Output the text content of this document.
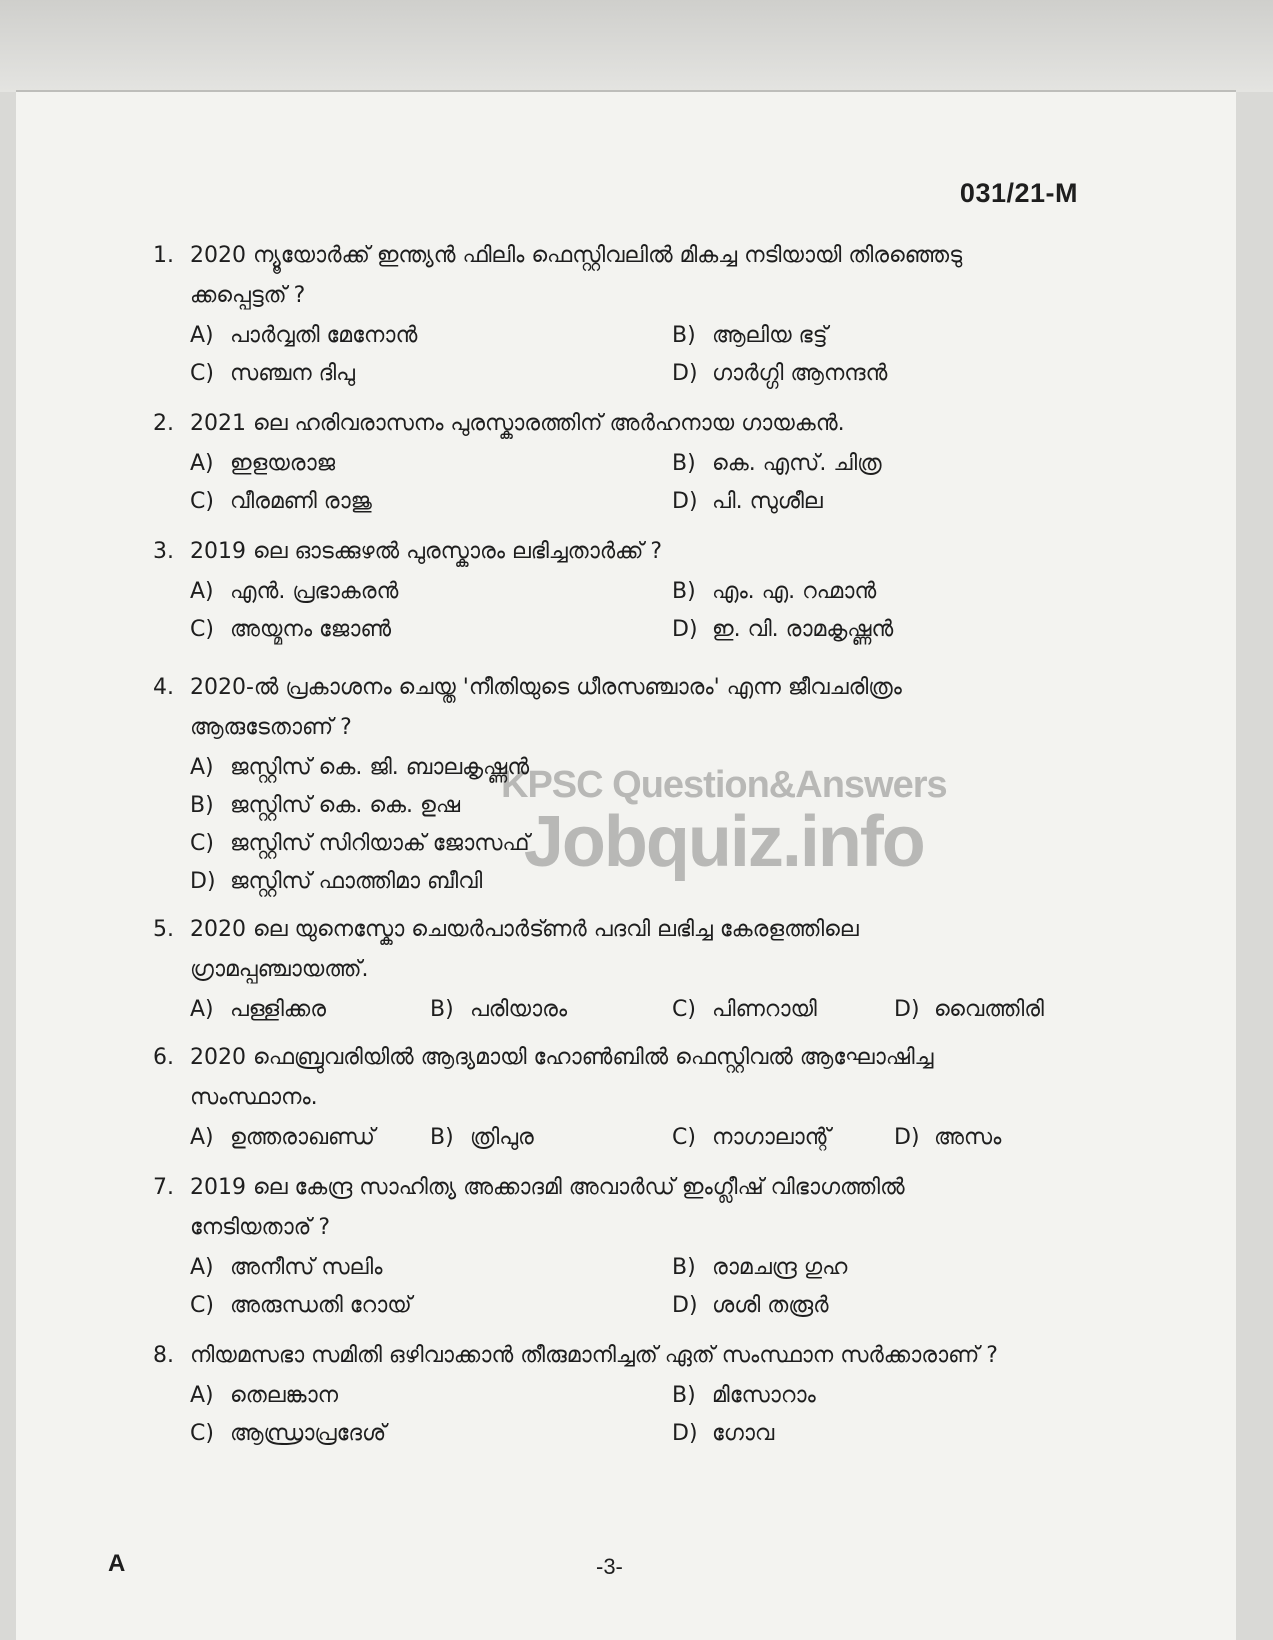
031/21-M
KPSC Question&Answers
Jobquiz.info
1. 2020 ന്യൂയോർക്ക് ഇന്ത്യൻ ഫിലിം ഫെസ്റ്റിവലിൽ മികച്ച നടിയായി തിരഞ്ഞെടു
ക്കപ്പെട്ടത് ?
A) പാർവ്വതി മേനോൻ	B) ആലിയ ഭട്ട്
C) സഞ്ചന ദിപു	D) ഗാർഗ്ഗി ആനന്ദൻ
2. 2021 ലെ ഹരിവരാസനം പുരസ്കാരത്തിന് അർഹനായ ഗായകൻ.
A) ഇളയരാജ	B) കെ. എസ്. ചിത്ര
C) വീരമണി രാജു	D) പി. സുശീല
3. 2019 ലെ ഓടക്കുഴൽ പുരസ്കാരം ലഭിച്ചതാർക്ക് ?
A) എൻ. പ്രഭാകരൻ	B) എം. എ. റഹ്മാൻ
C) അയ്മനം ജോൺ	D) ഇ. വി. രാമകൃഷ്ണൻ
4. 2020-ൽ പ്രകാശനം ചെയ്ത 'നീതിയുടെ ധീരസഞ്ചാരം' എന്ന ജീവചരിത്രം
ആരുടേതാണ് ?
A) ജസ്റ്റിസ് കെ. ജി. ബാലകൃഷ്ണൻ
B) ജസ്റ്റിസ് കെ. കെ. ഉഷ
C) ജസ്റ്റിസ് സിറിയാക് ജോസഫ്
D) ജസ്റ്റിസ് ഫാത്തിമാ ബീവി
5. 2020 ലെ യുനെസ്കോ ചെയർപാർട്ണർ പദവി ലഭിച്ച കേരളത്തിലെ
ഗ്രാമപ്പഞ്ചായത്ത്.
A) പള്ളിക്കര	B) പരിയാരം	C) പിണറായി	D) വൈത്തിരി
6. 2020 ഫെബ്രുവരിയിൽ ആദ്യമായി ഹോൺബിൽ ഫെസ്റ്റിവൽ ആഘോഷിച്ച
സംസ്ഥാനം.
A) ഉത്തരാഖണ്ഡ് B) ത്രിപുര	C) നാഗാലാന്റ്	D) അസം
7. 2019 ലെ കേന്ദ്ര സാഹിത്യ അക്കാദമി അവാർഡ് ഇംഗ്ലീഷ് വിഭാഗത്തിൽ
നേടിയതാര് ?
A) അനീസ് സലിം	B) രാമചന്ദ്ര ഗുഹ
C) അരുന്ധതി റോയ്	D) ശശി തരൂർ
8. നിയമസഭാ സമിതി ഒഴിവാക്കാൻ തീരുമാനിച്ചത് ഏത് സംസ്ഥാന സർക്കാരാണ് ?
A) തെലങ്കാന	B) മിസോറാം
C) ആന്ധ്രാപ്രദേശ്	D) ഗോവ
A	-3-
